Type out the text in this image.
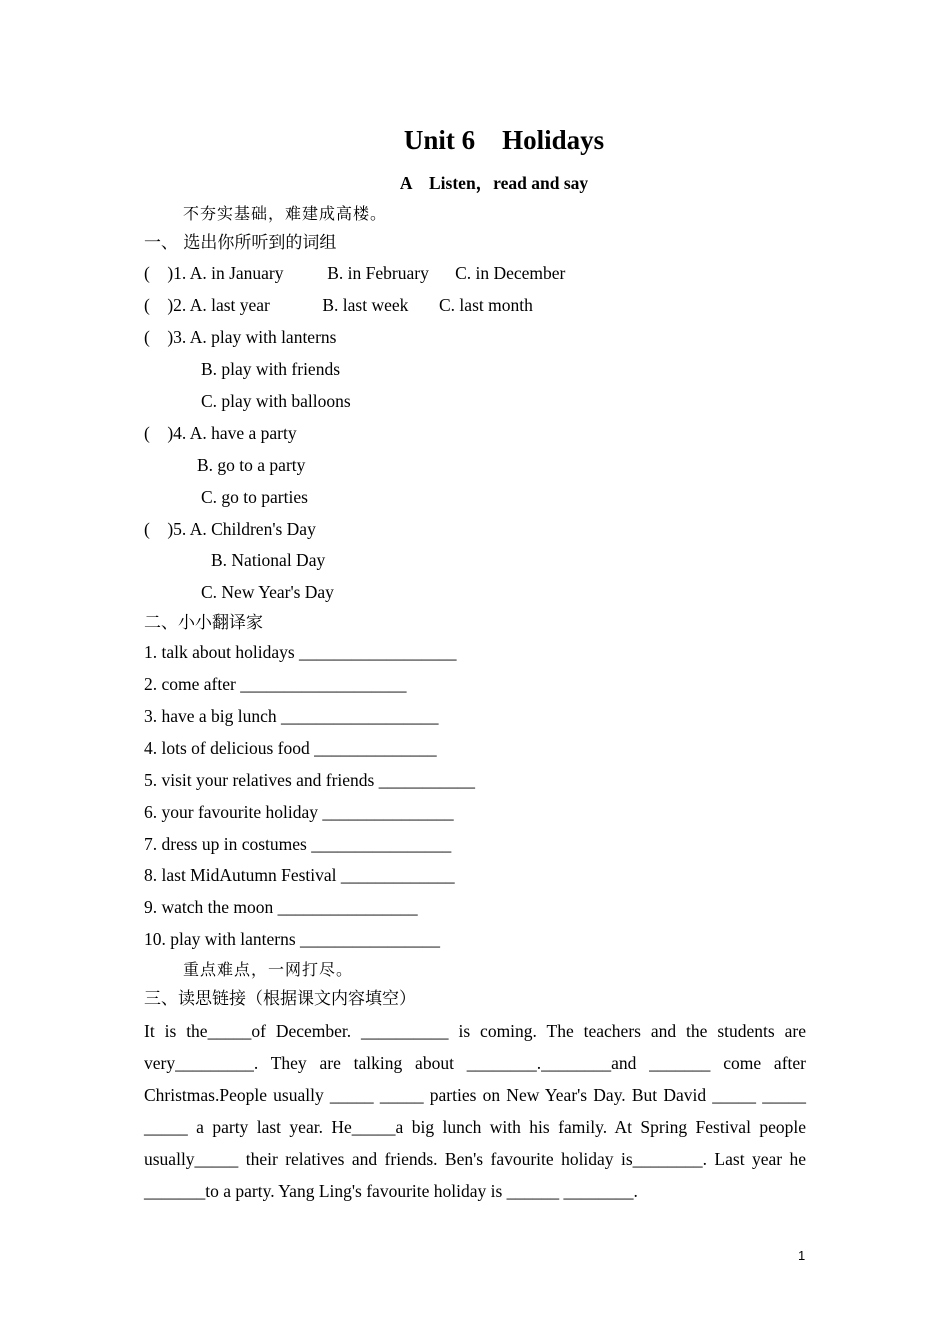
Unit 6    Holidays
A    Listen，read and say
不夯实基础，难建成高楼。
一、 选出你所听到的词组
(    )1. A. in January          B. in February      C. in December
(    )2. A. last year            B. last week       C. last month
(    )3. A. play with lanterns
B. play with friends
C. play with balloons
(    )4. A. have a party
B. go to a party
C. go to parties
(    )5. A. Children's Day
B. National Day
C. New Year's Day
二、小小翻译家
1. talk about holidays __________________
2. come after ___________________
3. have a big lunch __________________
4. lots of delicious food ______________
5. visit your relatives and friends ___________
6. your favourite holiday _______________
7. dress up in costumes ________________
8. last MidAutumn Festival _____________
9. watch the moon ________________
10. play with lanterns ________________
重点难点，一网打尽。
三、读思链接（根据课文内容填空）
It is the_____of December. __________ is coming. The teachers and the students are very_________. They are talking about ________.________and _______ come after Christmas.People usually _____ _____ parties on New Year's Day. But David _____ _____ _____ a party last year. He_____a big lunch with his family. At Spring Festival people usually_____ their relatives and friends. Ben's favourite holiday is________. Last year he _______to a party. Yang Ling's favourite holiday is ______ ________.
1
